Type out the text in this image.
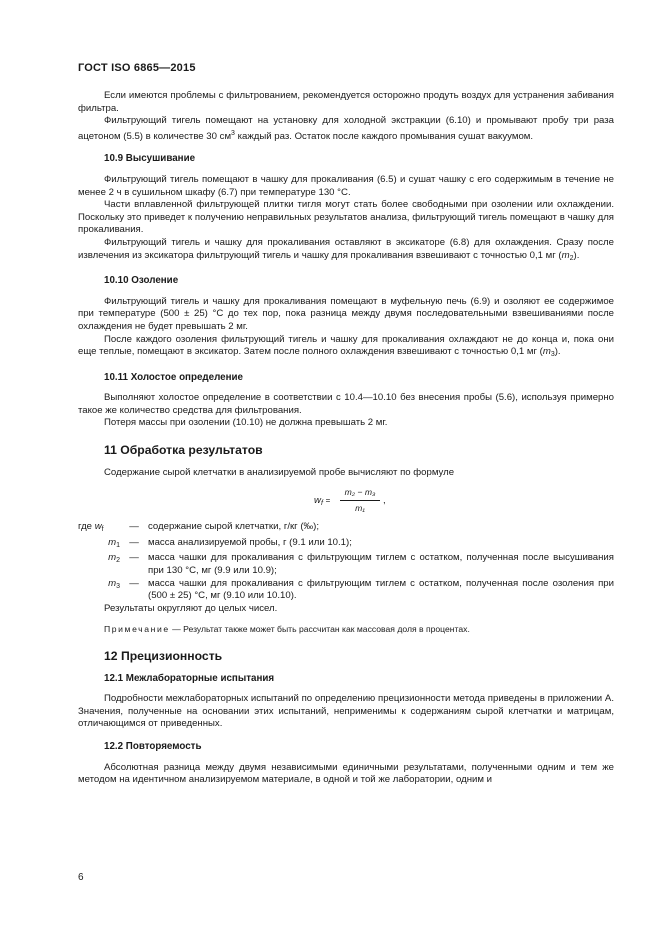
ГОСТ ISO 6865—2015

Если имеются проблемы с фильтрованием, рекомендуется осторожно продуть воздух для устранения забивания фильтра.

Фильтрующий тигель помещают на установку для холодной экстракции (6.10) и промывают пробу три раза ацетоном (5.5) в количестве 30 $см^3$ каждый раз. Остаток после каждого промывания сушат вакуумом.

10.9 Высушивание

Фильтрующий тигель помещают в чашку для прокаливания (6.5) и сушат чашку с его содержимым в течение не менее 2 ч в сушильном шкафу (6.7) при температуре 130 °С.

Части вплавленной фильтрующей плитки тигля могут стать более свободными при озолении или охлаждении. Поскольку это приведет к получению неправильных результатов анализа, фильтрующий тигель помещают в чашку для прокаливания.

Фильтрующий тигель и чашку для прокаливания оставляют в эксикаторе (6.8) для охлаждения. Сразу после извлечения из эксикатора фильтрующий тигель и чашку для прокаливания взвешивают с точностью 0,1 мг $(m_2)$.

10.10 Озоление

Фильтрующий тигель и чашку для прокаливания помещают в муфельную печь (6.9) и озоляют ее содержимое при температуре (500 ± 25) °С до тех пор, пока разница между двумя последовательными взвешиваниями после охлаждения не будет превышать 2 мг.

После каждого озоления фильтрующий тигель и чашку для прокаливания охлаждают не до конца и, пока они еще теплые, помещают в эксикатор. Затем после полного охлаждения взвешивают с точностью 0,1 мг $(m_3)$.

10.11 Холостое определение

Выполняют холостое определение в соответствии с 10.4—10.10 без внесения пробы (5.6), используя примерно такое же количество средства для фильтрования.

Потеря массы при озолении (10.10) не должна превышать 2 мг.

11 Обработка результатов

Содержание сырой клетчатки в анализируемой пробе вычисляют по формуле

$w_f = \frac{\text{m₂ − m₃}}{\text{m₁}}$ ,
где $w_f$	— содержание сырой клетчатки, г/кг (‰);
$m_1$ — масса анализируемой пробы, г (9.1 или 10.1);
$m_2$ — масса чашки для прокаливания с фильтрующим тиглем с остатком, полученная после высушивания при 130 °С, мг (9.9 или 10.9);
$m_3$ — масса чашки для прокаливания с фильтрующим тиглем с остатком, полученная после озоления при (500 ± 25) °С, мг (9.10 или 10.10).

Результаты округляют до целых чисел.

Примечание — Результат также может быть рассчитан как массовая доля в процентах.

12 Прецизионность
12.1 Межлабораторные испытания

Подробности межлабораторных испытаний по определению прецизионности метода приведены в приложении А. Значения, полученные на основании этих испытаний, неприменимы к содержаниям сырой клетчатки и матрицам, отличающимся от приведенных.

12.2 Повторяемость

Абсолютная разница между двумя независимыми единичными результатами, полученными одним и тем же методом на идентичном анализируемом материале, в одной и той же лаборатории, одним и

6
